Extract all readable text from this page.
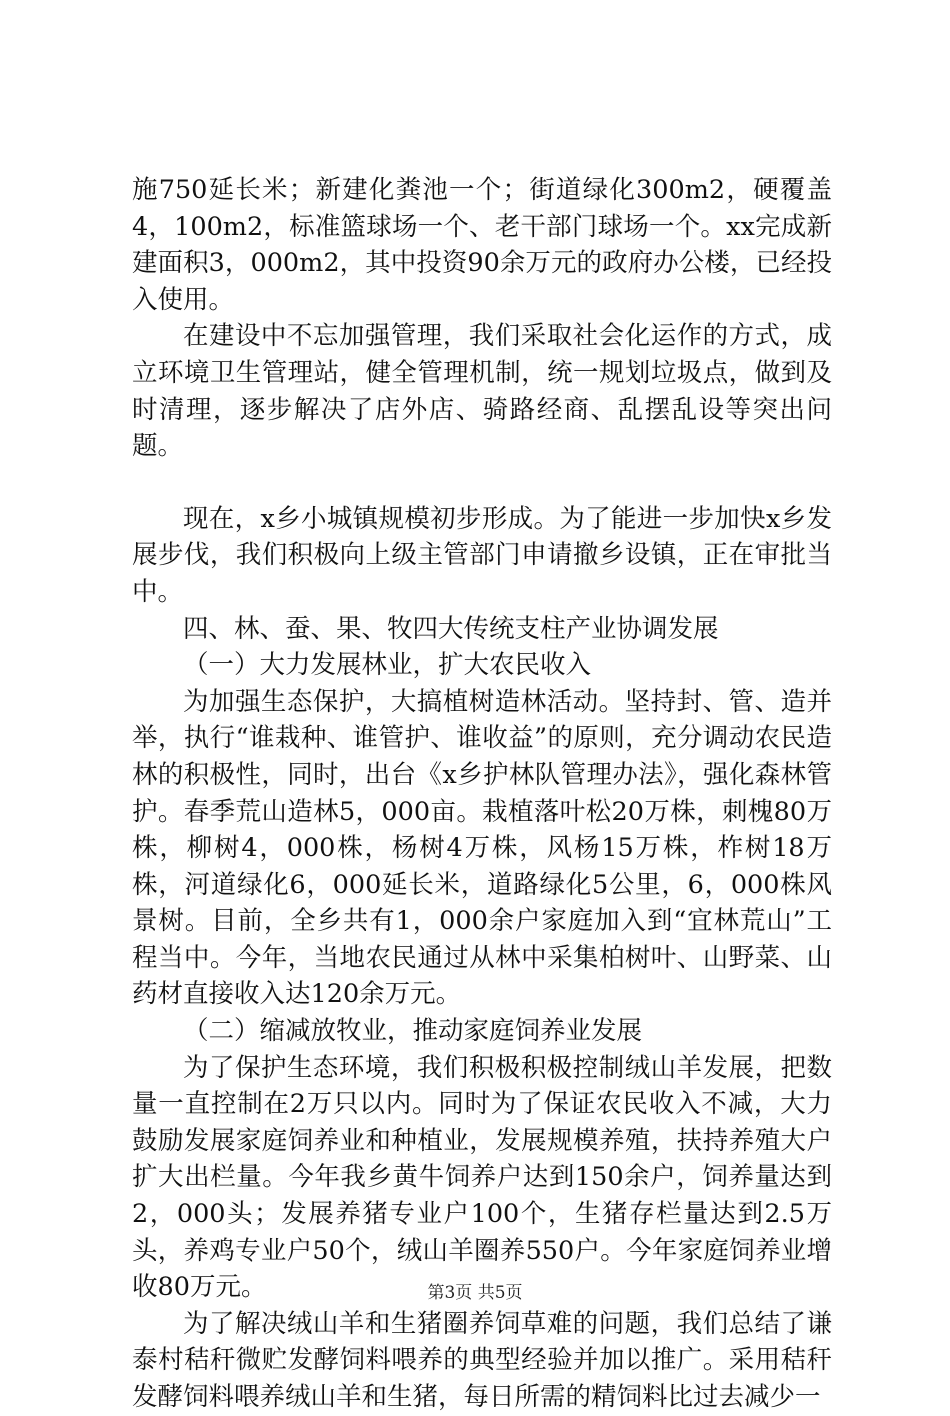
施750延长米；新建化粪池一个；街道绿化300m2，硬覆盖4，100m2，标准篮球场一个、老干部门球场一个。xx完成新建面积3，000m2，其中投资90余万元的政府办公楼，已经投入使用。

在建设中不忘加强管理，我们采取社会化运作的方式，成立环境卫生管理站，健全管理机制，统一规划垃圾点，做到及时清理，逐步解决了店外店、骑路经商、乱摆乱设等突出问题。

现在，x乡小城镇规模初步形成。为了能进一步加快x乡发展步伐，我们积极向上级主管部门申请撤乡设镇，正在审批当中。

四、林、蚕、果、牧四大传统支柱产业协调发展

（一）大力发展林业，扩大农民收入

为加强生态保护，大搞植树造林活动。坚持封、管、造并举，执行“谁栽种、谁管护、谁收益”的原则，充分调动农民造林的积极性，同时，出台《x乡护林队管理办法》，强化森林管护。春季荒山造林5，000亩。栽植落叶松20万株，刺槐80万株，柳树4，000株，杨树4万株，风杨15万株，柞树18万株，河道绿化6，000延长米，道路绿化5公里，6，000株风景树。目前，全乡共有1，000余户家庭加入到“宜林荒山”工程当中。今年，当地农民通过从林中采集柏树叶、山野菜、山药材直接收入达120余万元。

（二）缩减放牧业，推动家庭饲养业发展

为了保护生态环境，我们积极积极控制绒山羊发展，把数量一直控制在2万只以内。同时为了保证农民收入不减，大力鼓励发展家庭饲养业和种植业，发展规模养殖，扶持养殖大户扩大出栏量。今年我乡黄牛饲养户达到150余户，饲养量达到2，000头；发展养猪专业户100个，生猪存栏量达到2.5万头，养鸡专业户50个，绒山羊圈养550户。今年家庭饲养业增收80万元。

为了解决绒山羊和生猪圈养饲草难的问题，我们总结了谦泰村秸秆微贮发酵饲料喂养的典型经验并加以推广。采用秸秆发酵饲料喂养绒山羊和生猪，每日所需的精饲料比过去减少一

第3页 共5页
